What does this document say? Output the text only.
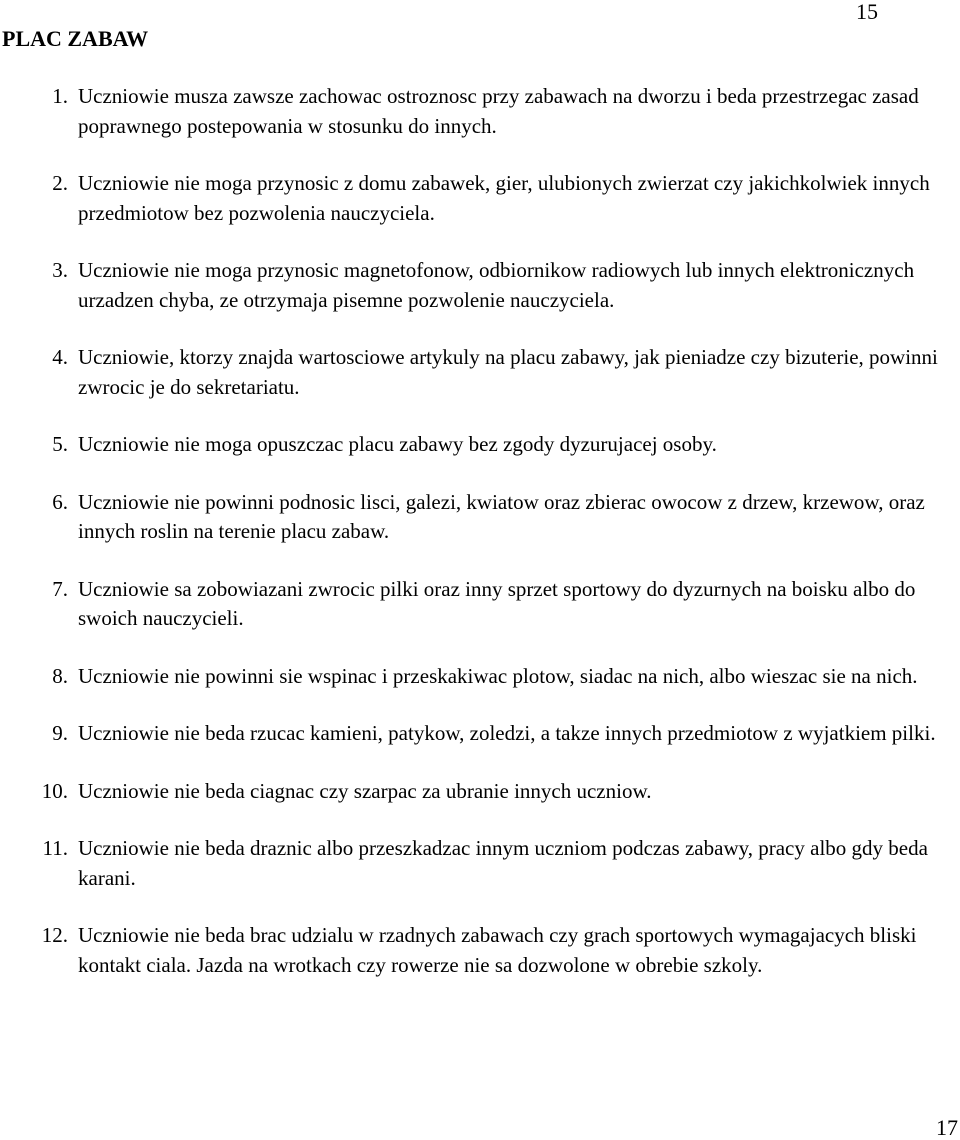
15
PLAC ZABAW
1. Uczniowie musza zawsze zachowac ostroznosc przy zabawach na dworzu i beda przestrzegac zasad poprawnego postepowania w stosunku do innych.
2. Uczniowie nie moga przynosic z domu zabawek, gier, ulubionych zwierzat czy jakichkolwiek innych przedmiotow bez pozwolenia nauczyciela.
3. Uczniowie nie moga przynosic magnetofonow, odbiornikow radiowych lub innych elektronicznych urzadzen chyba, ze otrzymaja pisemne pozwolenie nauczyciela.
4. Uczniowie, ktorzy znajda wartosciowe artykuly na placu zabawy, jak pieniadze czy bizuterie, powinni zwrocic je do sekretariatu.
5. Uczniowie nie moga opuszczac placu zabawy bez zgody dyzurujacej osoby.
6. Uczniowie nie powinni podnosic lisci, galezi, kwiatow oraz zbierac owocow z drzew, krzewow, oraz innych roslin na terenie placu zabaw.
7. Uczniowie sa zobowiazani zwrocic pilki oraz inny sprzet sportowy do dyzurnych na boisku albo do swoich nauczycieli.
8. Uczniowie nie powinni sie wspinac i przeskakiwac plotow, siadac na nich, albo wieszac sie na nich.
9. Uczniowie nie beda rzucac kamieni, patykow, zoledzi, a takze innych przedmiotow z wyjatkiem pilki.
10. Uczniowie nie beda ciagnac czy szarpac za ubranie innych uczniow.
11. Uczniowie nie beda draznic albo przeszkadzac innym uczniom podczas zabawy, pracy albo gdy beda karani.
12. Uczniowie nie beda brac udzialu w rzadnych zabawach czy grach sportowych wymagajacych bliski kontakt ciala. Jazda na wrotkach czy rowerze nie sa dozwolone w obrebie szkoly.
17
